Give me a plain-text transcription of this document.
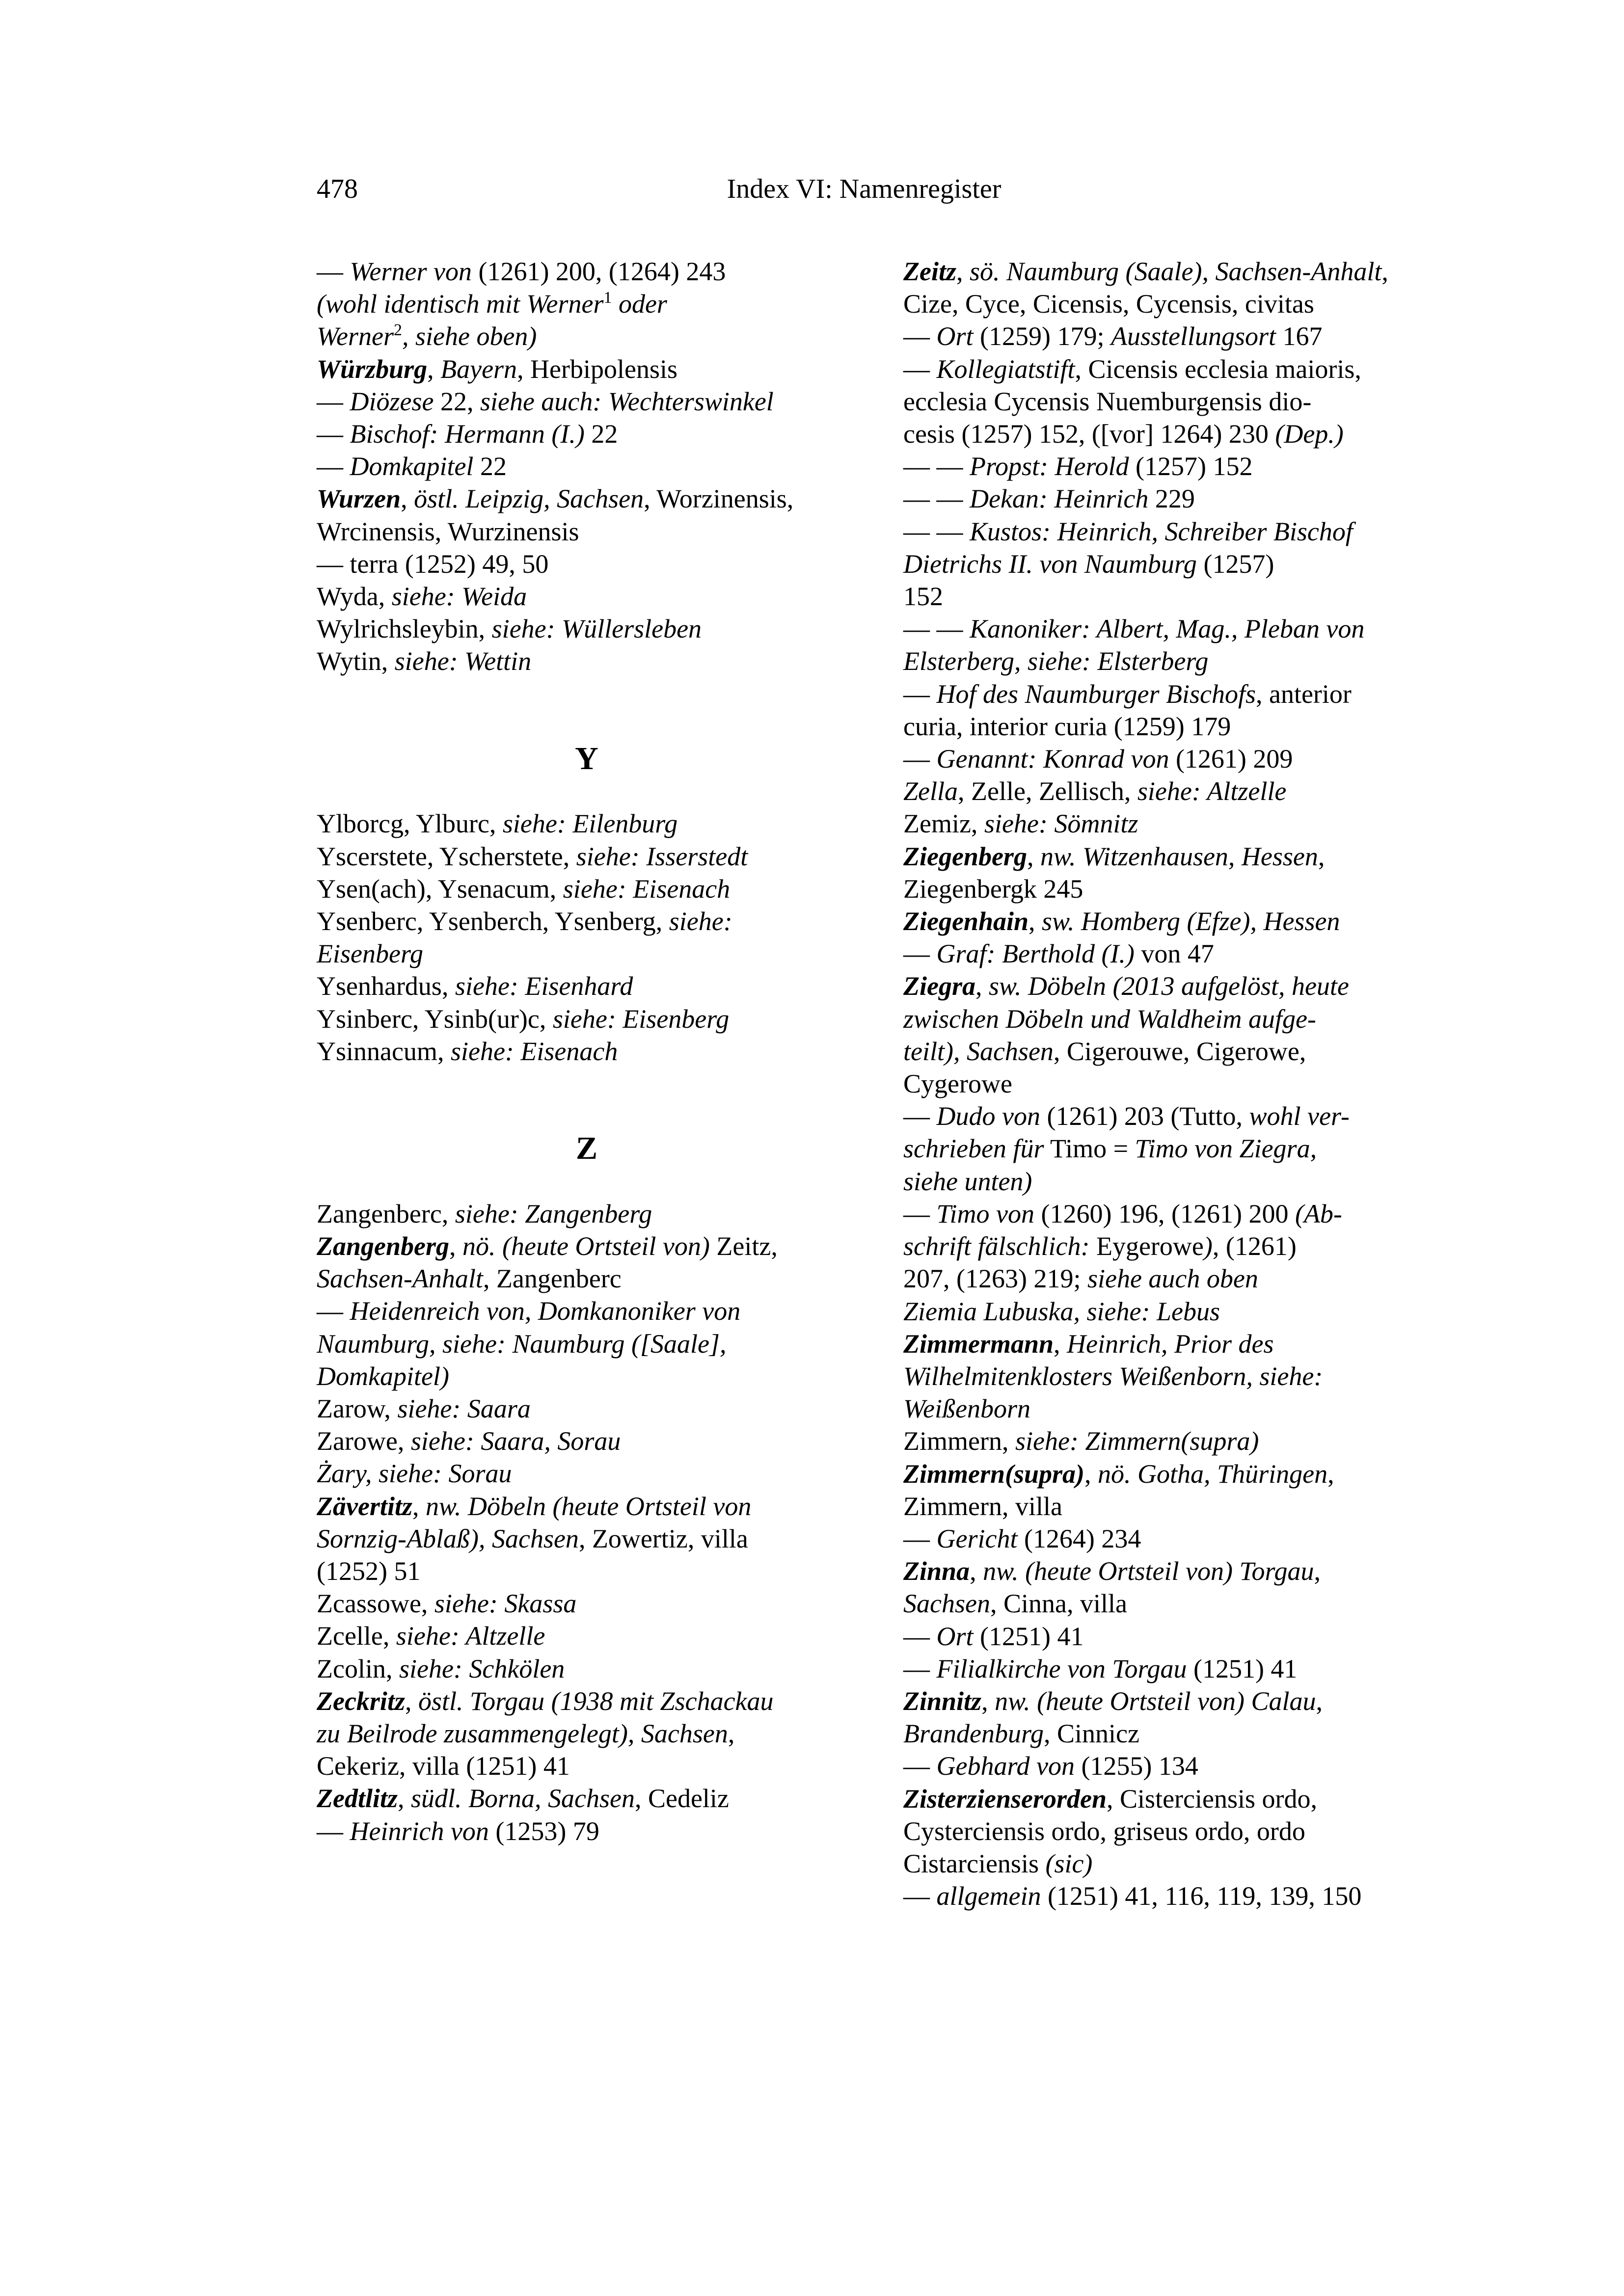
478	Index VI: Namenregister
— Werner von (1261) 200, (1264) 243
(wohl identisch mit Werner$^1$ oder
Werner$^2$, siehe oben)
Würzburg, Bayern, Herbipolensis
— Diözese 22, siehe auch: Wechterswinkel
— Bischof: Hermann (I.) 22
— Domkapitel 22
Wurzen, östl. Leipzig, Sachsen, Worzinensis,
Wrcinensis, Wurzinensis
— terra (1252) 49, 50
Wyda, siehe: Weida
Wylrichsleybin, siehe: Wüllersleben
Wytin, siehe: Wettin
Y
Ylborcg, Ylburc, siehe: Eilenburg
Yscerstete, Yscherstete, siehe: Isserstedt
Ysen(ach), Ysenacum, siehe: Eisenach
Ysenberc, Ysenberch, Ysenberg, siehe:
Eisenberg
Ysenhardus, siehe: Eisenhard
Ysinberc, Ysinb(ur)c, siehe: Eisenberg
Ysinnacum, siehe: Eisenach
Z
Zangenberc, siehe: Zangenberg
Zangenberg, nö. (heute Ortsteil von) Zeitz,
Sachsen-Anhalt, Zangenberc
— Heidenreich von, Domkanoniker von
Naumburg, siehe: Naumburg ([Saale],
Domkapitel)
Zarow, siehe: Saara
Zarowe, siehe: Saara, Sorau
Żary, siehe: Sorau
Zävertitz, nw. Döbeln (heute Ortsteil von
Sornzig-Ablaß), Sachsen, Zowertiz, villa
(1252) 51
Zcassowe, siehe: Skassa
Zcelle, siehe: Altzelle
Zcolin, siehe: Schkölen
Zeckritz, östl. Torgau (1938 mit Zschackau
zu Beilrode zusammengelegt), Sachsen,
Cekeriz, villa (1251) 41
Zedtlitz, südl. Borna, Sachsen, Cedeliz
— Heinrich von (1253) 79
Zeitz, sö. Naumburg (Saale), Sachsen-Anhalt,
Cize, Cyce, Cicensis, Cycensis, civitas
— Ort (1259) 179; Ausstellungsort 167
— Kollegiatstift, Cicensis ecclesia maioris,
ecclesia Cycensis Nuemburgensis dio-
cesis (1257) 152, ([vor] 1264) 230 (Dep.)
— — Propst: Herold (1257) 152
— — Dekan: Heinrich 229
— — Kustos: Heinrich, Schreiber Bischof
Dietrichs II. von Naumburg (1257)
152
— — Kanoniker: Albert, Mag., Pleban von
Elsterberg, siehe: Elsterberg
— Hof des Naumburger Bischofs, anterior
curia, interior curia (1259) 179
— Genannt: Konrad von (1261) 209
Zella, Zelle, Zellisch, siehe: Altzelle
Zemiz, siehe: Sömnitz
Ziegenberg, nw. Witzenhausen, Hessen,
Ziegenbergk 245
Ziegenhain, sw. Homberg (Efze), Hessen
— Graf: Berthold (I.) von 47
Ziegra, sw. Döbeln (2013 aufgelöst, heute
zwischen Döbeln und Waldheim aufge-
teilt), Sachsen, Cigerouwe, Cigerowe,
Cygerowe
— Dudo von (1261) 203 (Tutto, wohl ver-
schrieben für Timo = Timo von Ziegra,
siehe unten)
— Timo von (1260) 196, (1261) 200 (Ab-
schrift fälschlich: Eygerowe), (1261)
207, (1263) 219; siehe auch oben
Ziemia Lubuska, siehe: Lebus
Zimmermann, Heinrich, Prior des
Wilhelmitenklosters Weißenborn, siehe:
Weißenborn
Zimmern, siehe: Zimmern(supra)
Zimmern(supra), nö. Gotha, Thüringen,
Zimmern, villa
— Gericht (1264) 234
Zinna, nw. (heute Ortsteil von) Torgau,
Sachsen, Cinna, villa
— Ort (1251) 41
— Filialkirche von Torgau (1251) 41
Zinnitz, nw. (heute Ortsteil von) Calau,
Brandenburg, Cinnicz
— Gebhard von (1255) 134
Zisterzienserorden, Cisterciensis ordo,
Cysterciensis ordo, griseus ordo, ordo
Cistarciensis (sic)
— allgemein (1251) 41, 116, 119, 139, 150
